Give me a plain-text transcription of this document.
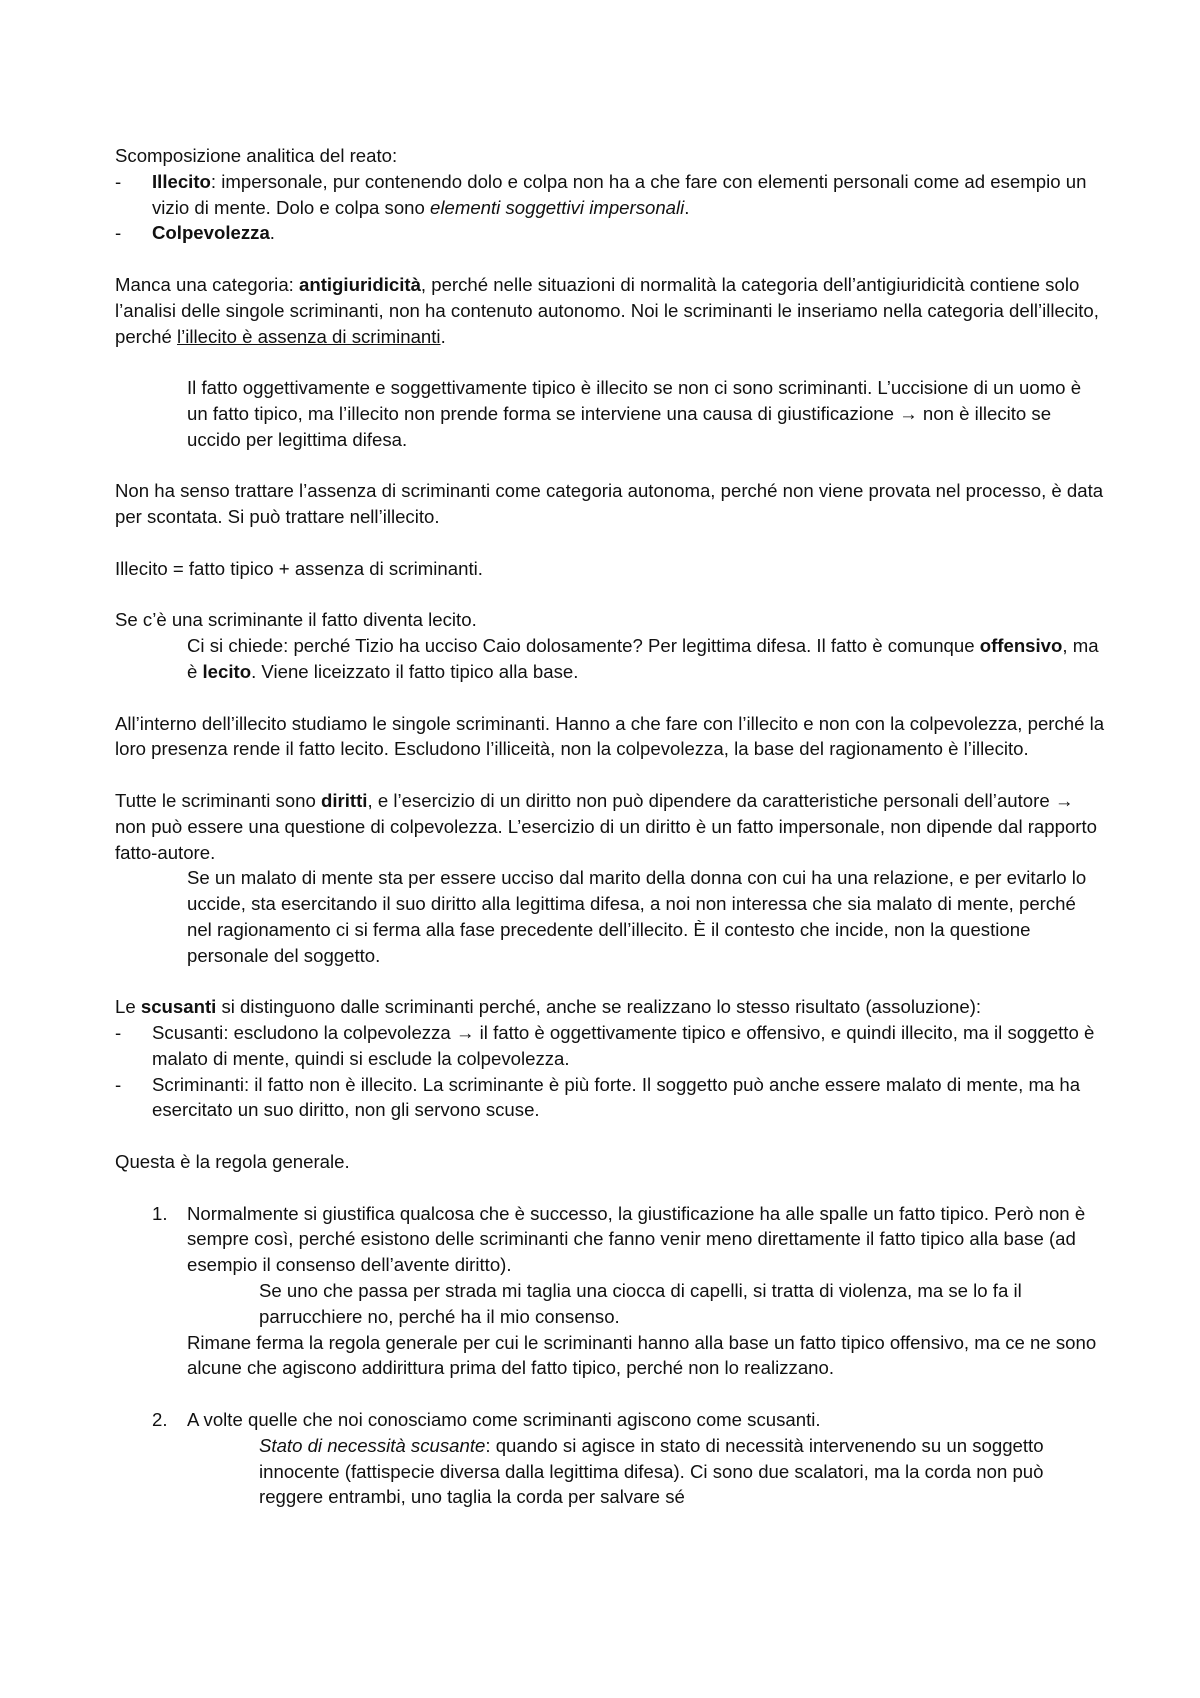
Scomposizione analitica del reato:

- Illecito: impersonale, pur contenendo dolo e colpa non ha a che fare con elementi personali come ad esempio un vizio di mente. Dolo e colpa sono elementi soggettivi impersonali.
- Colpevolezza.

Manca una categoria: antigiuridicità, perché nelle situazioni di normalità la categoria dell’antigiuridicità contiene solo l’analisi delle singole scriminanti, non ha contenuto autonomo. Noi le scriminanti le inseriamo nella categoria dell’illecito, perché l’illecito è assenza di scriminanti.

Il fatto oggettivamente e soggettivamente tipico è illecito se non ci sono scriminanti. L’uccisione di un uomo è un fatto tipico, ma l’illecito non prende forma se interviene una causa di giustificazione → non è illecito se uccido per legittima difesa.

Non ha senso trattare l’assenza di scriminanti come categoria autonoma, perché non viene provata nel processo, è data per scontata. Si può trattare nell’illecito.

Illecito = fatto tipico + assenza di scriminanti.

Se c’è una scriminante il fatto diventa lecito.

Ci si chiede: perché Tizio ha ucciso Caio dolosamente? Per legittima difesa. Il fatto è comunque offensivo, ma è lecito. Viene liceizzato il fatto tipico alla base.

All’interno dell’illecito studiamo le singole scriminanti. Hanno a che fare con l’illecito e non con la colpevolezza, perché la loro presenza rende il fatto lecito. Escludono l’illiceità, non la colpevolezza, la base del ragionamento è l’illecito.

Tutte le scriminanti sono diritti, e l’esercizio di un diritto non può dipendere da caratteristiche personali dell’autore → non può essere una questione di colpevolezza. L’esercizio di un diritto è un fatto impersonale, non dipende dal rapporto fatto-autore.

Se un malato di mente sta per essere ucciso dal marito della donna con cui ha una relazione, e per evitarlo lo uccide, sta esercitando il suo diritto alla legittima difesa, a noi non interessa che sia malato di mente, perché nel ragionamento ci si ferma alla fase precedente dell’illecito. È il contesto che incide, non la questione personale del soggetto.

Le scusanti si distinguono dalle scriminanti perché, anche se realizzano lo stesso risultato (assoluzione):

- Scusanti: escludono la colpevolezza → il fatto è oggettivamente tipico e offensivo, e quindi illecito, ma il soggetto è malato di mente, quindi si esclude la colpevolezza.
- Scriminanti: il fatto non è illecito. La scriminante è più forte. Il soggetto può anche essere malato di mente, ma ha esercitato un suo diritto, non gli servono scuse.

Questa è la regola generale.

1. Normalmente si giustifica qualcosa che è successo, la giustificazione ha alle spalle un fatto tipico. Però non è sempre così, perché esistono delle scriminanti che fanno venir meno direttamente il fatto tipico alla base (ad esempio il consenso dell’avente diritto).

Se uno che passa per strada mi taglia una ciocca di capelli, si tratta di violenza, ma se lo fa il parrucchiere no, perché ha il mio consenso.

Rimane ferma la regola generale per cui le scriminanti hanno alla base un fatto tipico offensivo, ma ce ne sono alcune che agiscono addirittura prima del fatto tipico, perché non lo realizzano.

2. A volte quelle che noi conosciamo come scriminanti agiscono come scusanti.

Stato di necessità scusante: quando si agisce in stato di necessità intervenendo su un soggetto innocente (fattispecie diversa dalla legittima difesa). Ci sono due scalatori, ma la corda non può reggere entrambi, uno taglia la corda per salvare sé
